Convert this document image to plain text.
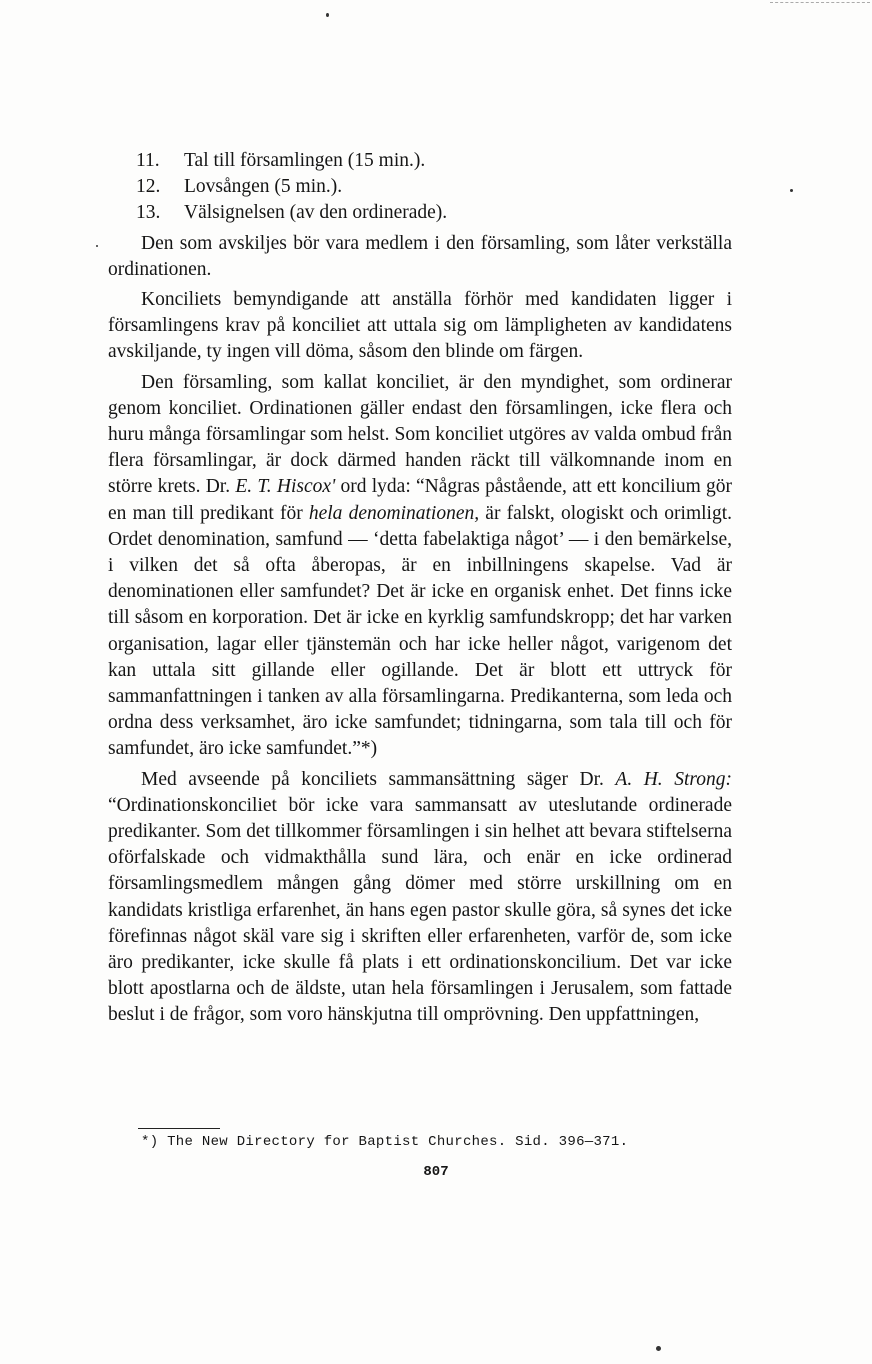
11. Tal till församlingen (15 min.).
12. Lovsången (5 min.).
13. Välsignelsen (av den ordinerade).

Den som avskiljes bör vara medlem i den församling, som låter verkställa ordinationen.

Konciliets bemyndigande att anställa förhör med kandidaten ligger i församlingens krav på konciliet att uttala sig om lämpligheten av kandidatens avskiljande, ty ingen vill döma, såsom den blinde om färgen.

Den församling, som kallat konciliet, är den myndighet, som ordinerar genom konciliet. Ordinationen gäller endast den församlingen, icke flera och huru många församlingar som helst. Som konciliet utgöres av valda ombud från flera församlingar, är dock därmed handen räckt till välkomnande inom en större krets. Dr. E. T. Hiscox' ord lyda: “Någras påstående, att ett koncilium gör en man till predikant för hela denominationen, är falskt, ologiskt och orimligt. Ordet denomination, samfund — ‘detta fabelaktiga något’ — i den bemärkelse, i vilken det så ofta åberopas, är en inbillningens skapelse. Vad är denominationen eller samfundet? Det är icke en organisk enhet. Det finns icke till såsom en korporation. Det är icke en kyrklig samfundskropp; det har varken organisation, lagar eller tjänstemän och har icke heller något, varigenom det kan uttala sitt gillande eller ogillande. Det är blott ett uttryck för sammanfattningen i tanken av alla församlingarna. Predikanterna, som leda och ordna dess verksamhet, äro icke samfundet; tidningarna, som tala till och för samfundet, äro icke samfundet.”*)

Med avseende på konciliets sammansättning säger Dr. A. H. Strong: “Ordinationskonciliet bör icke vara sammansatt av uteslutande ordinerade predikanter. Som det tillkommer församlingen i sin helhet att bevara stiftelserna oförfalskade och vidmakthålla sund lära, och enär en icke ordinerad församlingsmedlem mången gång dömer med större urskillning om en kandidats kristliga erfarenhet, än hans egen pastor skulle göra, så synes det icke förefinnas något skäl vare sig i skriften eller erfarenheten, varför de, som icke äro predikanter, icke skulle få plats i ett ordinationskoncilium. Det var icke blott apostlarna och de äldste, utan hela församlingen i Jerusalem, som fattade beslut i de frågor, som voro hänskjutna till omprövning. Den uppfattningen,

*) The New Directory for Baptist Churches. Sid. 396—371.
807
